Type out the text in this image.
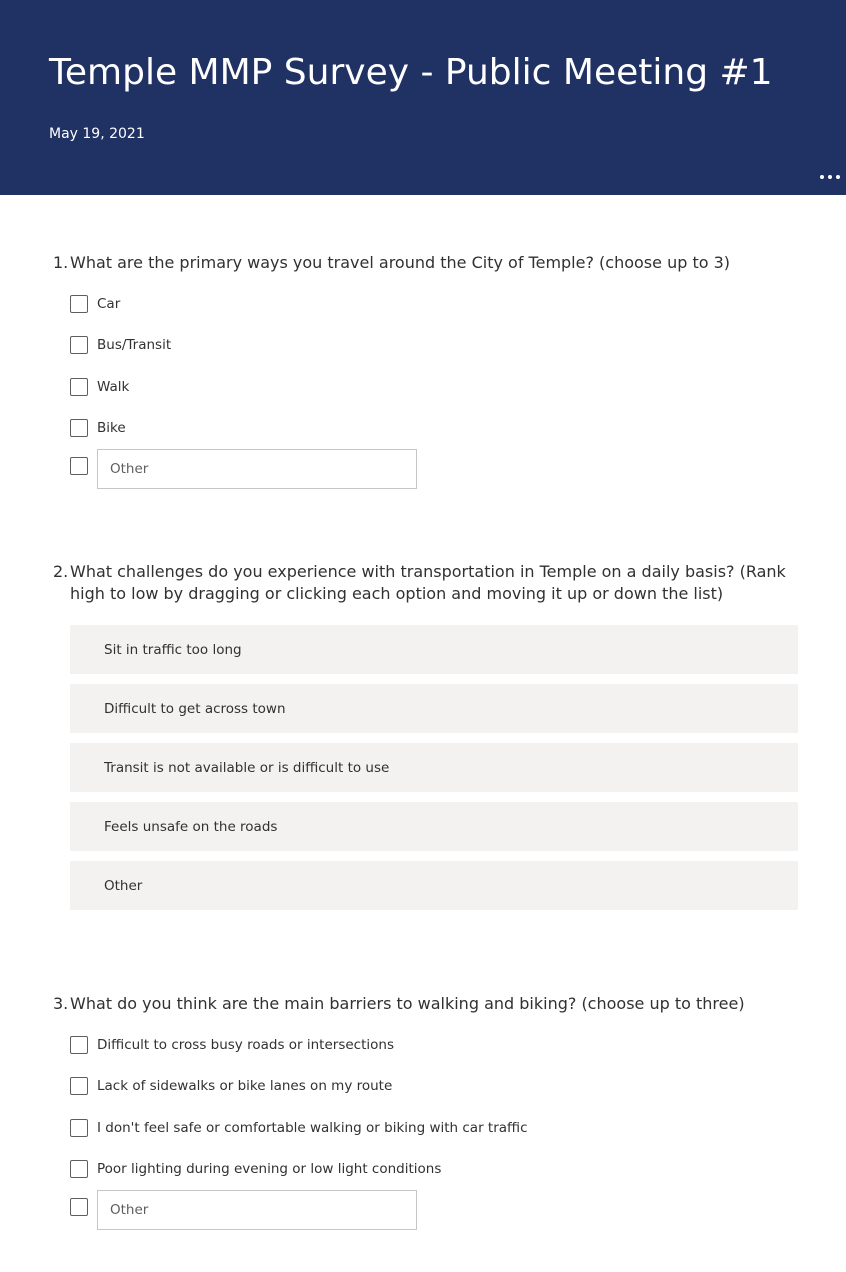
Temple MMP Survey - Public Meeting #1
May 19, 2021
1. What are the primary ways you travel around the City of Temple? (choose up to 3)
Car
Bus/Transit
Walk
Bike
Other
2. What challenges do you experience with transportation in Temple on a daily basis? (Rank high to low by dragging or clicking each option and moving it up or down the list)
Sit in traffic too long
Difficult to get across town
Transit is not available or is difficult to use
Feels unsafe on the roads
Other
3. What do you think are the main barriers to walking and biking? (choose up to three)
Difficult to cross busy roads or intersections
Lack of sidewalks or bike lanes on my route
I don't feel safe or comfortable walking or biking with car traffic
Poor lighting during evening or low light conditions
Other
